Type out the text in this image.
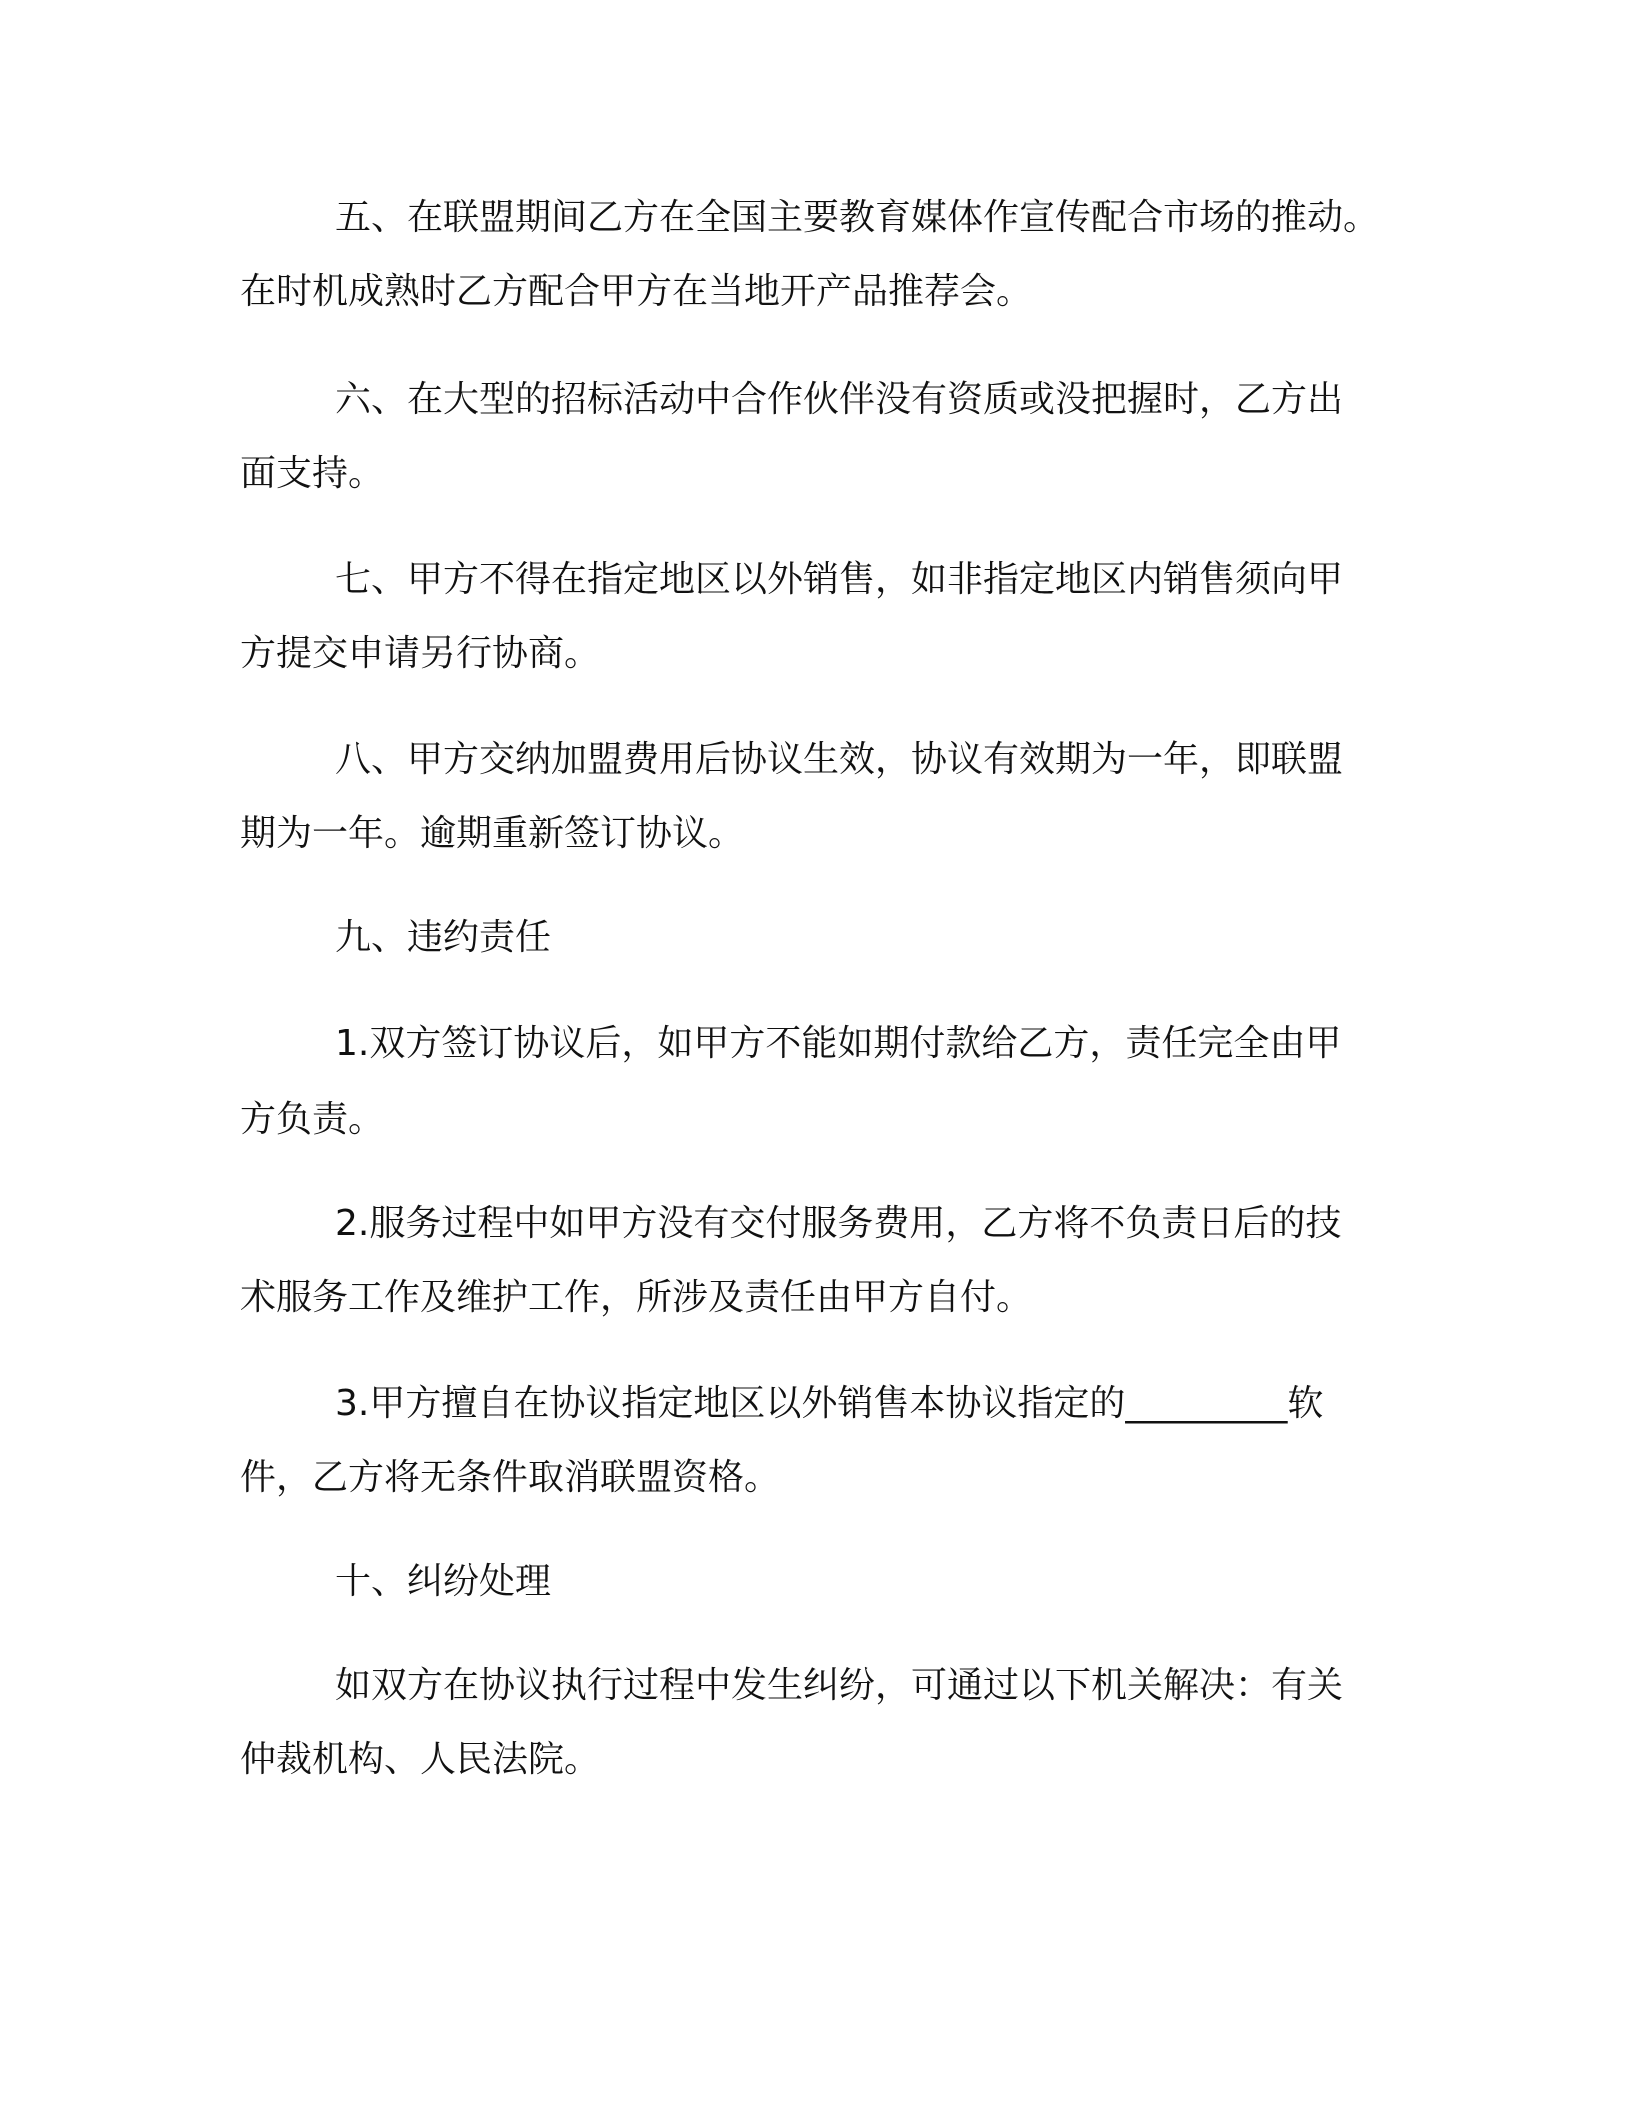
五、在联盟期间乙方在全国主要教育媒体作宣传配合市场的推动。
在时机成熟时乙方配合甲方在当地开产品推荐会。
六、在大型的招标活动中合作伙伴没有资质或没把握时，乙方出
面支持。
七、甲方不得在指定地区以外销售，如非指定地区内销售须向甲
方提交申请另行协商。
八、甲方交纳加盟费用后协议生效，协议有效期为一年，即联盟
期为一年。逾期重新签订协议。
九、违约责任
1.双方签订协议后，如甲方不能如期付款给乙方，责任完全由甲
方负责。
2.服务过程中如甲方没有交付服务费用，乙方将不负责日后的技
术服务工作及维护工作，所涉及责任由甲方自付。
3.甲方擅自在协议指定地区以外销售本协议指定的_________软
件，乙方将无条件取消联盟资格。
十、纠纷处理
如双方在协议执行过程中发生纠纷，可通过以下机关解决：有关
仲裁机构、人民法院。
